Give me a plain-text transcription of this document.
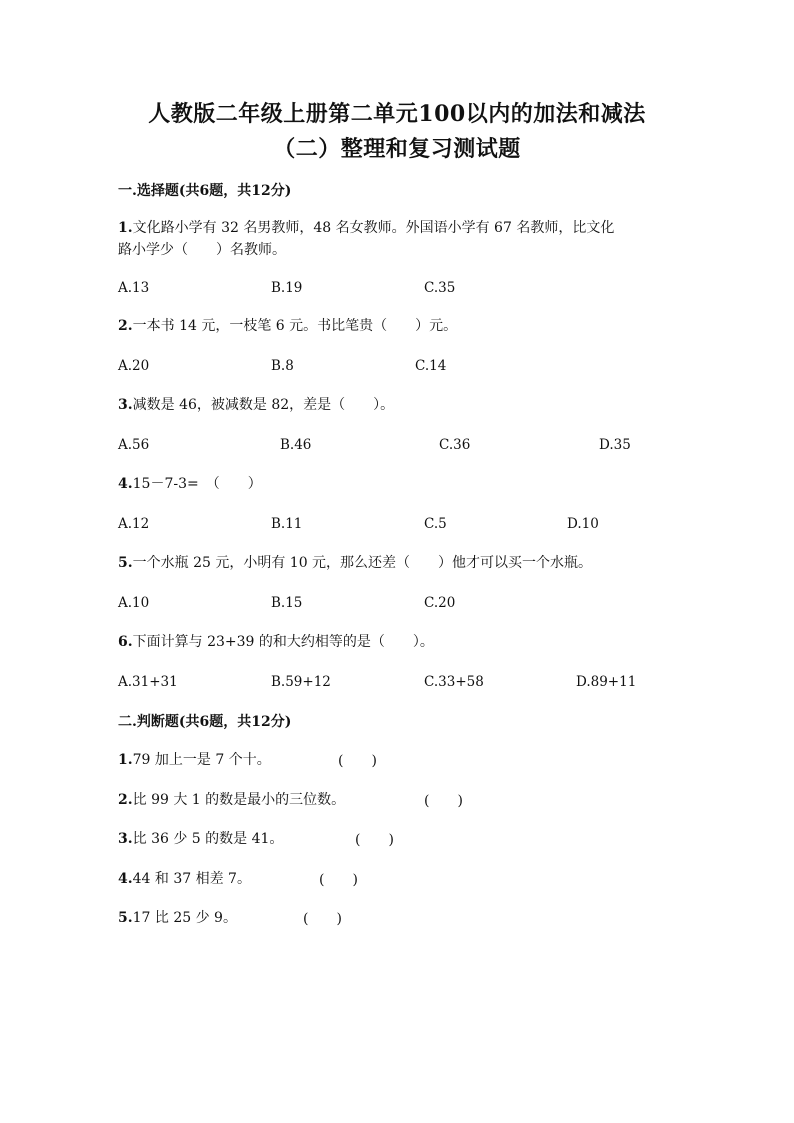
人教版二年级上册第二单元100以内的加法和减法
（二）整理和复习测试题
一.选择题(共6题，共12分)
1.文化路小学有 32 名男教师，48 名女教师。外国语小学有 67 名教师，比文化
路小学少（　　）名教师。
A.13	B.19	C.35
2.一本书 14 元，一枝笔 6 元。书比笔贵（　　）元。
A.20	B.8	C.14
3.减数是 46，被减数是 82，差是（　　）。
A.56	B.46	C.36	D.35
4.15－7-3=　（　　）
A.12	B.11	C.5	D.10
5.一个水瓶 25 元，小明有 10 元，那么还差（　　）他才可以买一个水瓶。
A.10	B.15	C.20
6.下面计算与 23+39 的和大约相等的是（　　）。
A.31+31	B.59+12	C.33+58	D.89+11
二.判断题(共6题，共12分)
1.79 加上一是 7 个十。	(　　)
2.比 99 大 1 的数是最小的三位数。	(　　)
3.比 36 少 5 的数是 41。	(　　)
4.44 和 37 相差 7。	(　　)
5.17 比 25 少 9。	(　　)
